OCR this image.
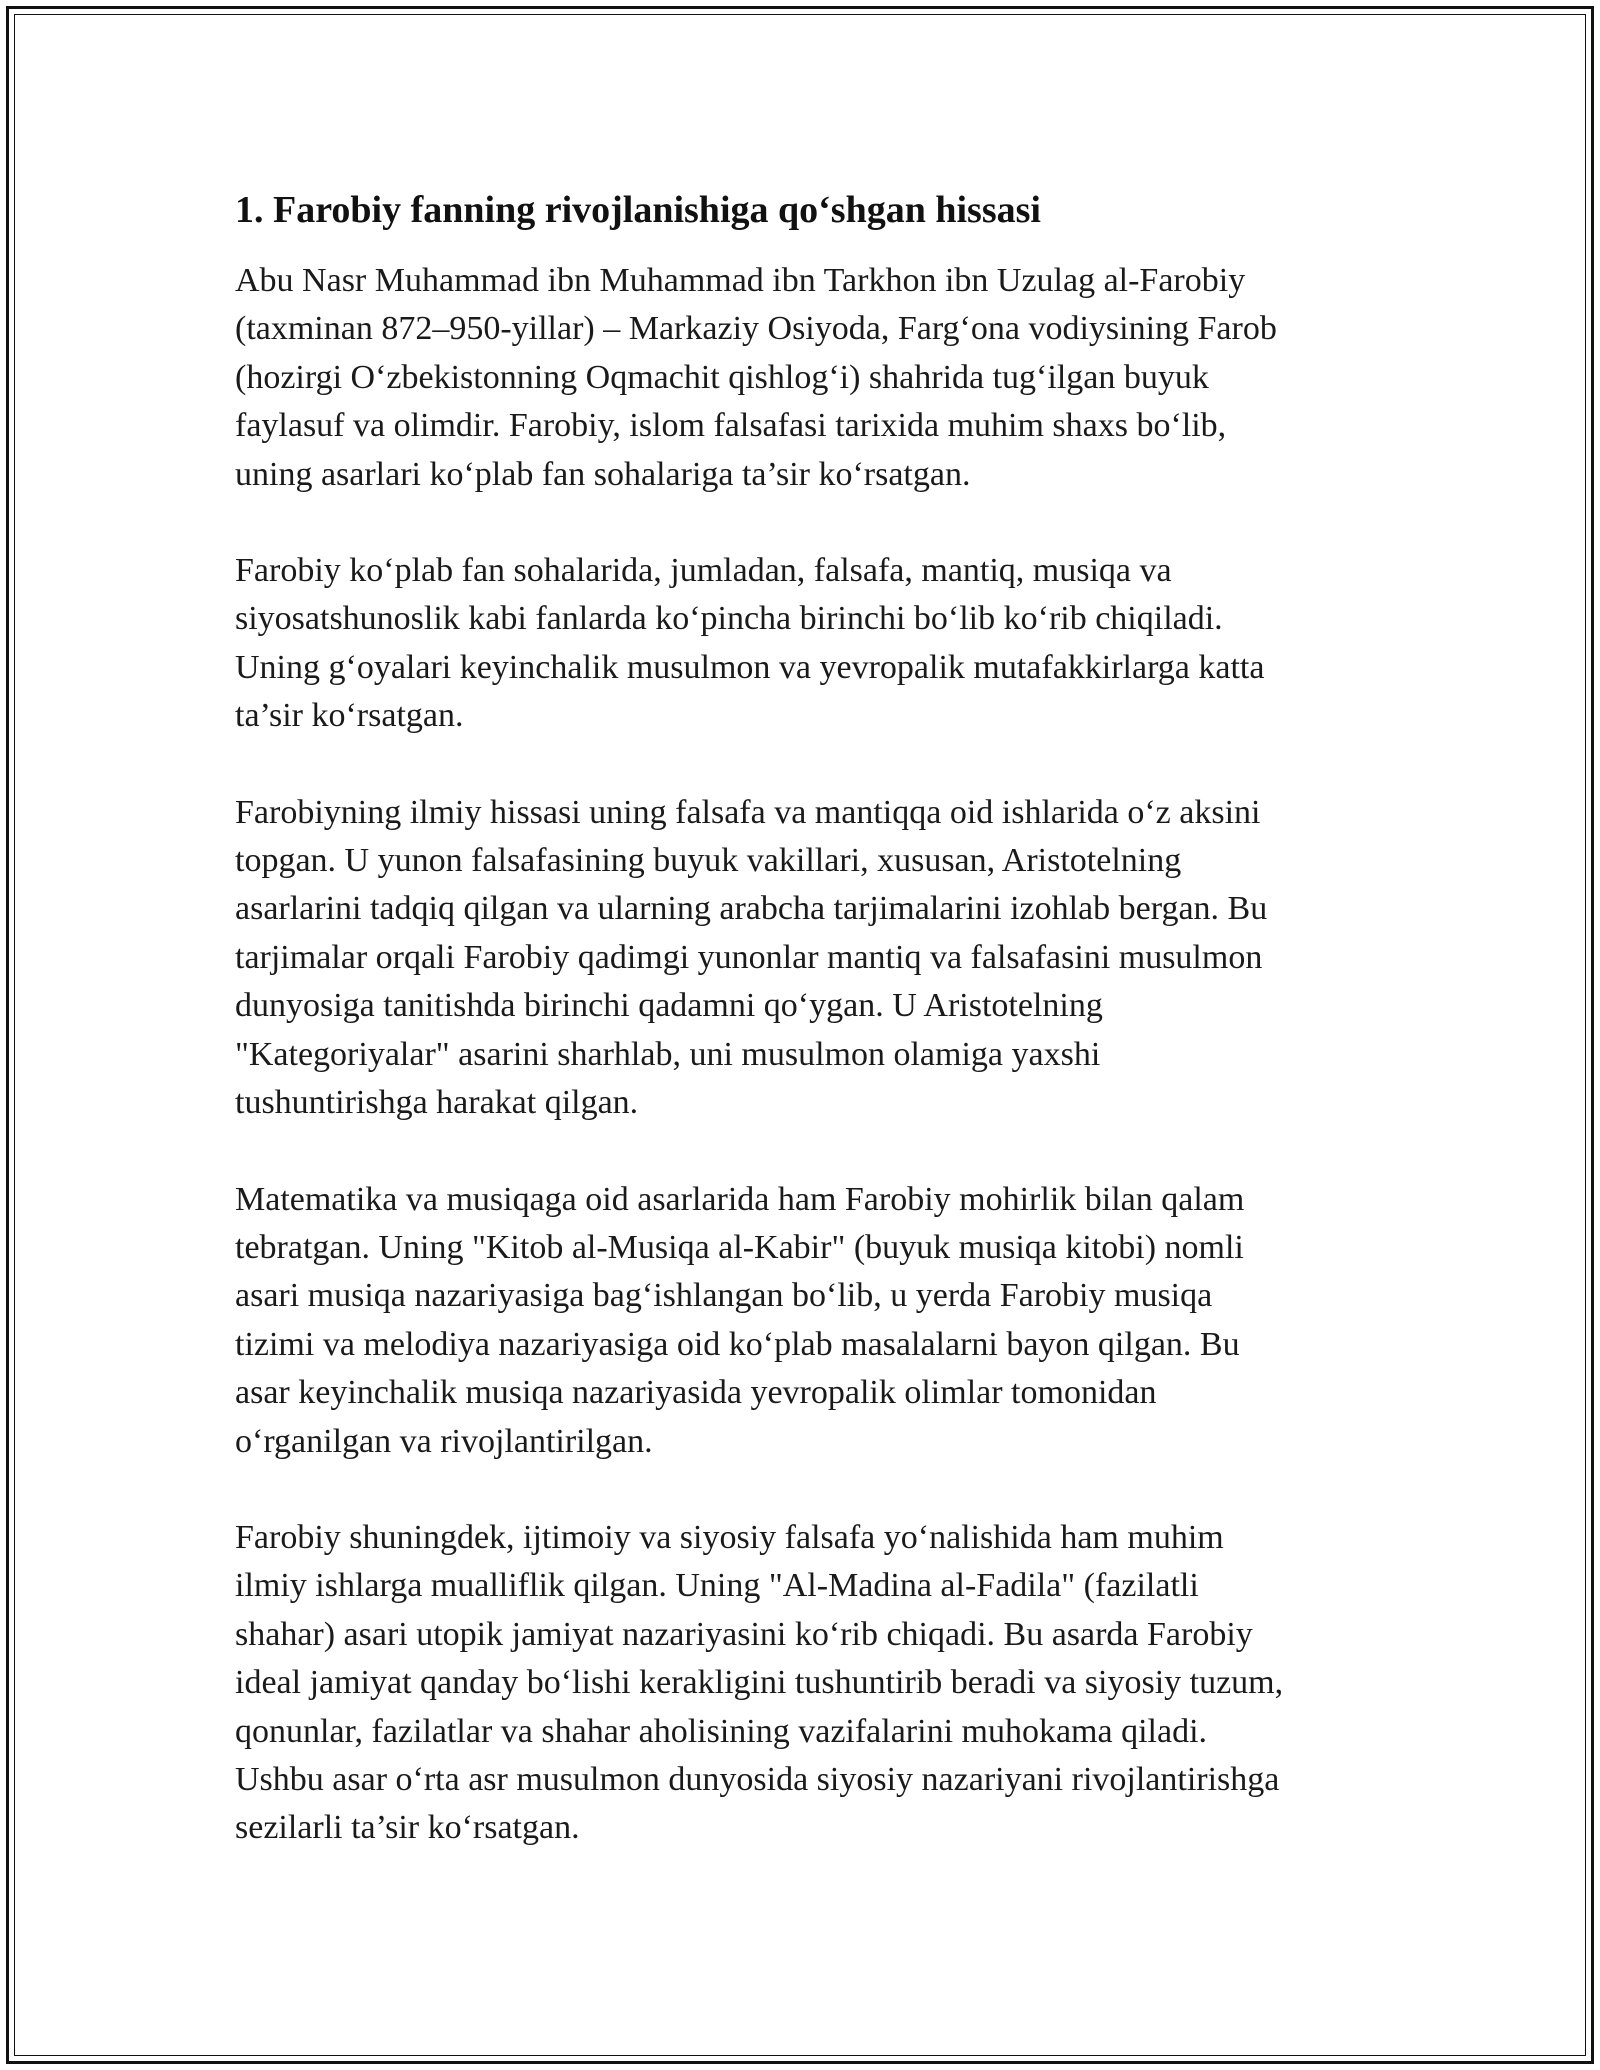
1. Farobiy fanning rivojlanishiga qo‘shgan hissasi

Abu Nasr Muhammad ibn Muhammad ibn Tarkhon ibn Uzulag al-Farobiy
(taxminan 872–950-yillar) – Markaziy Osiyoda, Farg‘ona vodiysining Farob
(hozirgi O‘zbekistonning Oqmachit qishlog‘i) shahrida tug‘ilgan buyuk
faylasuf va olimdir. Farobiy, islom falsafasi tarixida muhim shaxs bo‘lib,
uning asarlari ko‘plab fan sohalariga ta’sir ko‘rsatgan.

Farobiy ko‘plab fan sohalarida, jumladan, falsafa, mantiq, musiqa va
siyosatshunoslik kabi fanlarda ko‘pincha birinchi bo‘lib ko‘rib chiqiladi.
Uning g‘oyalari keyinchalik musulmon va yevropalik mutafakkirlarga katta
ta’sir ko‘rsatgan.

Farobiyning ilmiy hissasi uning falsafa va mantiqqa oid ishlarida o‘z aksini
topgan. U yunon falsafasining buyuk vakillari, xususan, Aristotelning
asarlarini tadqiq qilgan va ularning arabcha tarjimalarini izohlab bergan. Bu
tarjimalar orqali Farobiy qadimgi yunonlar mantiq va falsafasini musulmon
dunyosiga tanitishda birinchi qadamni qo‘ygan. U Aristotelning
"Kategoriyalar" asarini sharhlab, uni musulmon olamiga yaxshi
tushuntirishga harakat qilgan.

Matematika va musiqaga oid asarlarida ham Farobiy mohirlik bilan qalam
tebratgan. Uning "Kitob al-Musiqa al-Kabir" (buyuk musiqa kitobi) nomli
asari musiqa nazariyasiga bag‘ishlangan bo‘lib, u yerda Farobiy musiqa
tizimi va melodiya nazariyasiga oid ko‘plab masalalarni bayon qilgan. Bu
asar keyinchalik musiqa nazariyasida yevropalik olimlar tomonidan
o‘rganilgan va rivojlantirilgan.

Farobiy shuningdek, ijtimoiy va siyosiy falsafa yo‘nalishida ham muhim
ilmiy ishlarga mualliflik qilgan. Uning "Al-Madina al-Fadila" (fazilatli
shahar) asari utopik jamiyat nazariyasini ko‘rib chiqadi. Bu asarda Farobiy
ideal jamiyat qanday bo‘lishi kerakligini tushuntirib beradi va siyosiy tuzum,
qonunlar, fazilatlar va shahar aholisining vazifalarini muhokama qiladi.
Ushbu asar o‘rta asr musulmon dunyosida siyosiy nazariyani rivojlantirishga
sezilarli ta’sir ko‘rsatgan.
